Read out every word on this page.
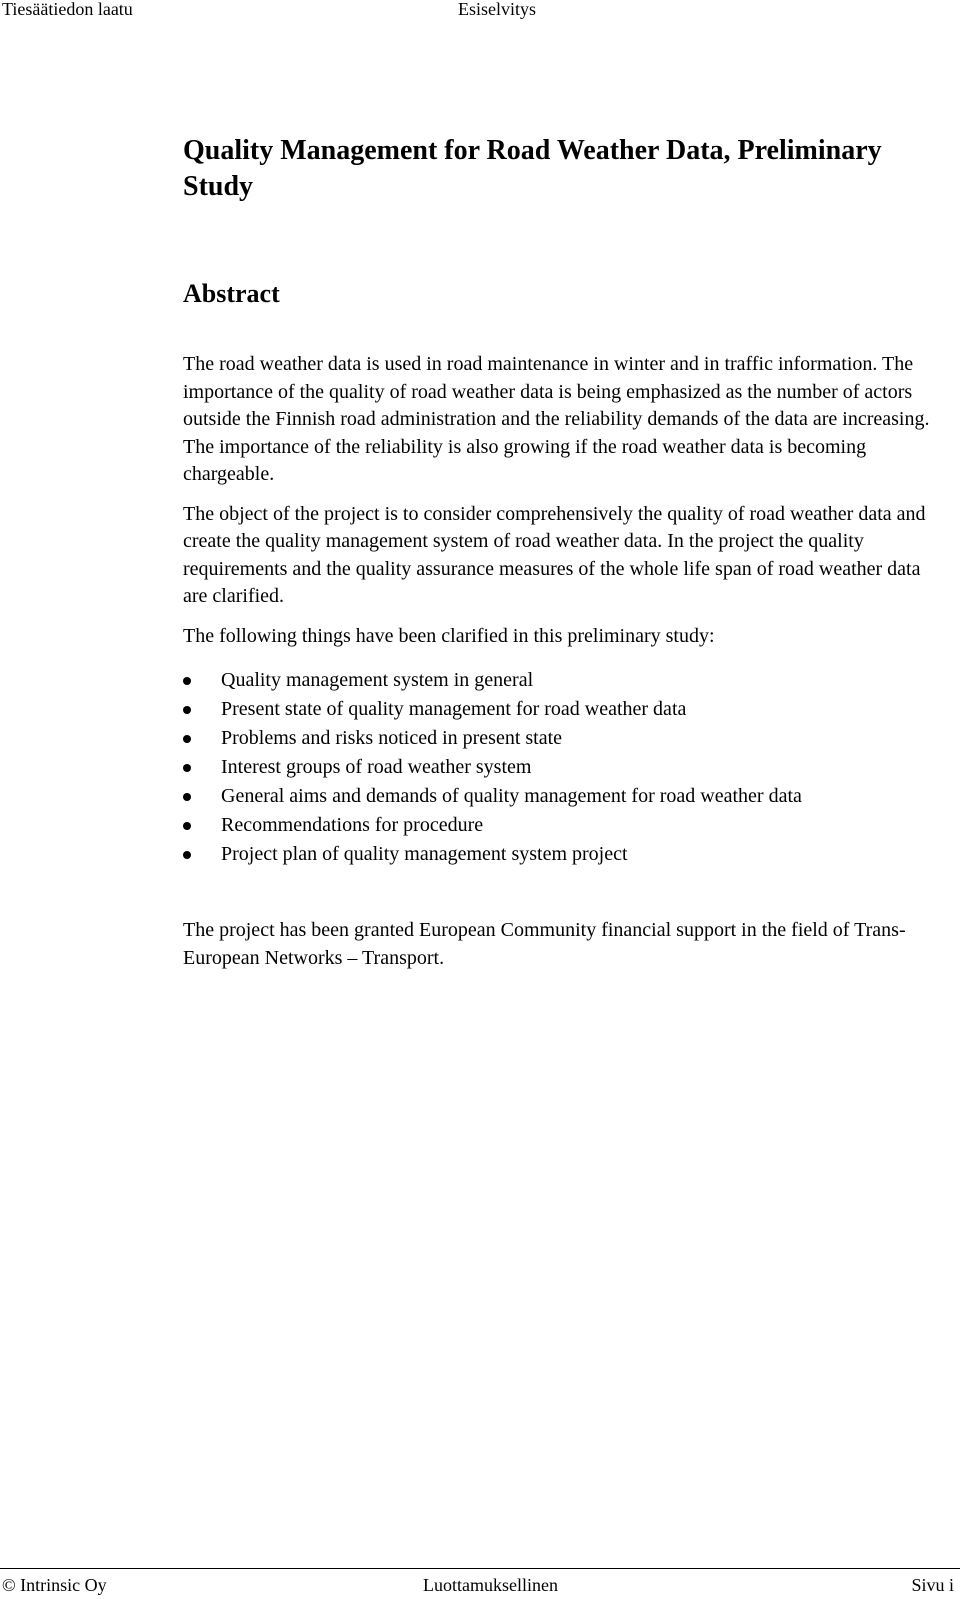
Tiesäätiedon laatu	Esiselvitys
Quality Management for Road Weather Data, Preliminary Study
Abstract

The road weather data is used in road maintenance in winter and in traffic information. The importance of the quality of road weather data is being emphasized as the number of actors outside the Finnish road administration and the reliability demands of the data are increasing. The importance of the reliability is also growing if the road weather data is becoming chargeable.

The object of the project is to consider comprehensively the quality of road weather data and create the quality management system of road weather data. In the project the quality requirements and the quality assurance measures of the whole life span of road weather data are clarified.

The following things have been clarified in this preliminary study:

Quality management system in general
Present state of quality management for road weather data
Problems and risks noticed in present state
Interest groups of road weather system
General aims and demands of quality management for road weather data
Recommendations for procedure
Project plan of quality management system project

The project has been granted European Community financial support in the field of Trans-European Networks – Transport.

© Intrinsic Oy	Luottamuksellinen	Sivu i
